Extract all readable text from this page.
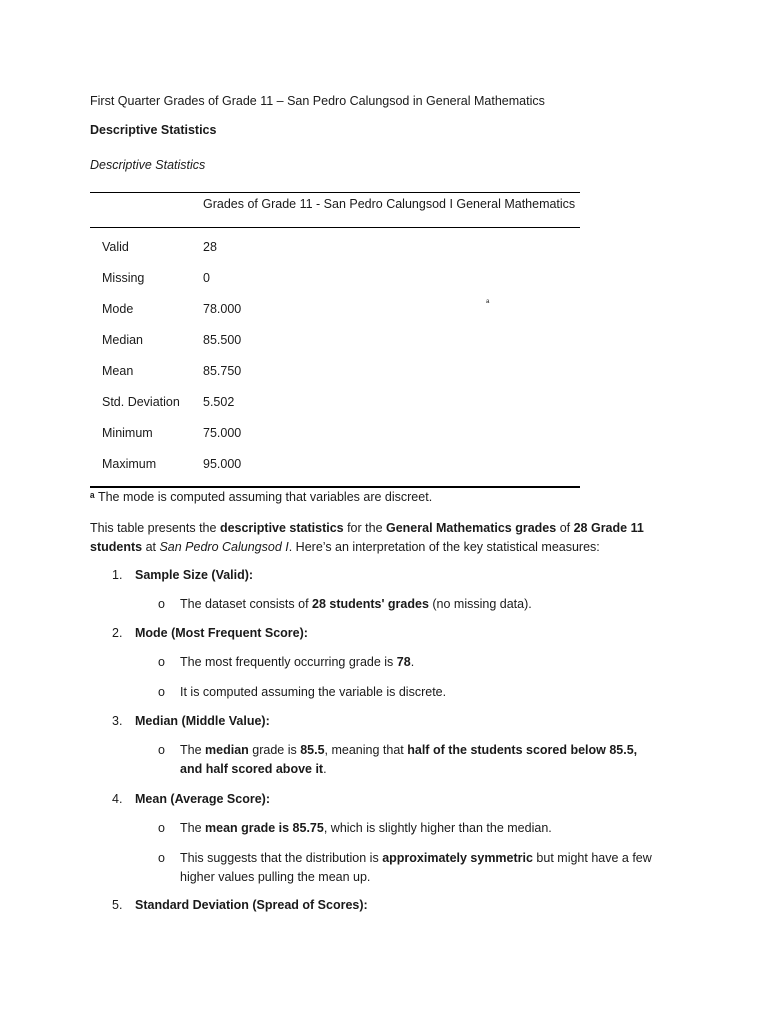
First Quarter Grades of Grade 11 – San Pedro Calungsod in General Mathematics
Descriptive Statistics
Descriptive Statistics
Grades of Grade 11 - San Pedro Calungsod I General Mathematics
Valid	28
Missing	0
Mode	78.000	ᵃ
Median	85.500
Mean	85.750
Std. Deviation 5.502
Minimum	75.000
Maximum	95.000
ᵃ The mode is computed assuming that variables are discreet.
This table presents the descriptive statistics for the General Mathematics grades of 28 Grade 11 students at San Pedro Calungsod I. Here’s an interpretation of the key statistical measures:
1. Sample Size (Valid):
o The dataset consists of 28 students' grades (no missing data).
2. Mode (Most Frequent Score):
o The most frequently occurring grade is 78.
o It is computed assuming the variable is discrete.
3. Median (Middle Value):
o The median grade is 85.5, meaning that half of the students scored below 85.5, and half scored above it.
4. Mean (Average Score):
o The mean grade is 85.75, which is slightly higher than the median.
o This suggests that the distribution is approximately symmetric but might have a few higher values pulling the mean up.
5. Standard Deviation (Spread of Scores):
